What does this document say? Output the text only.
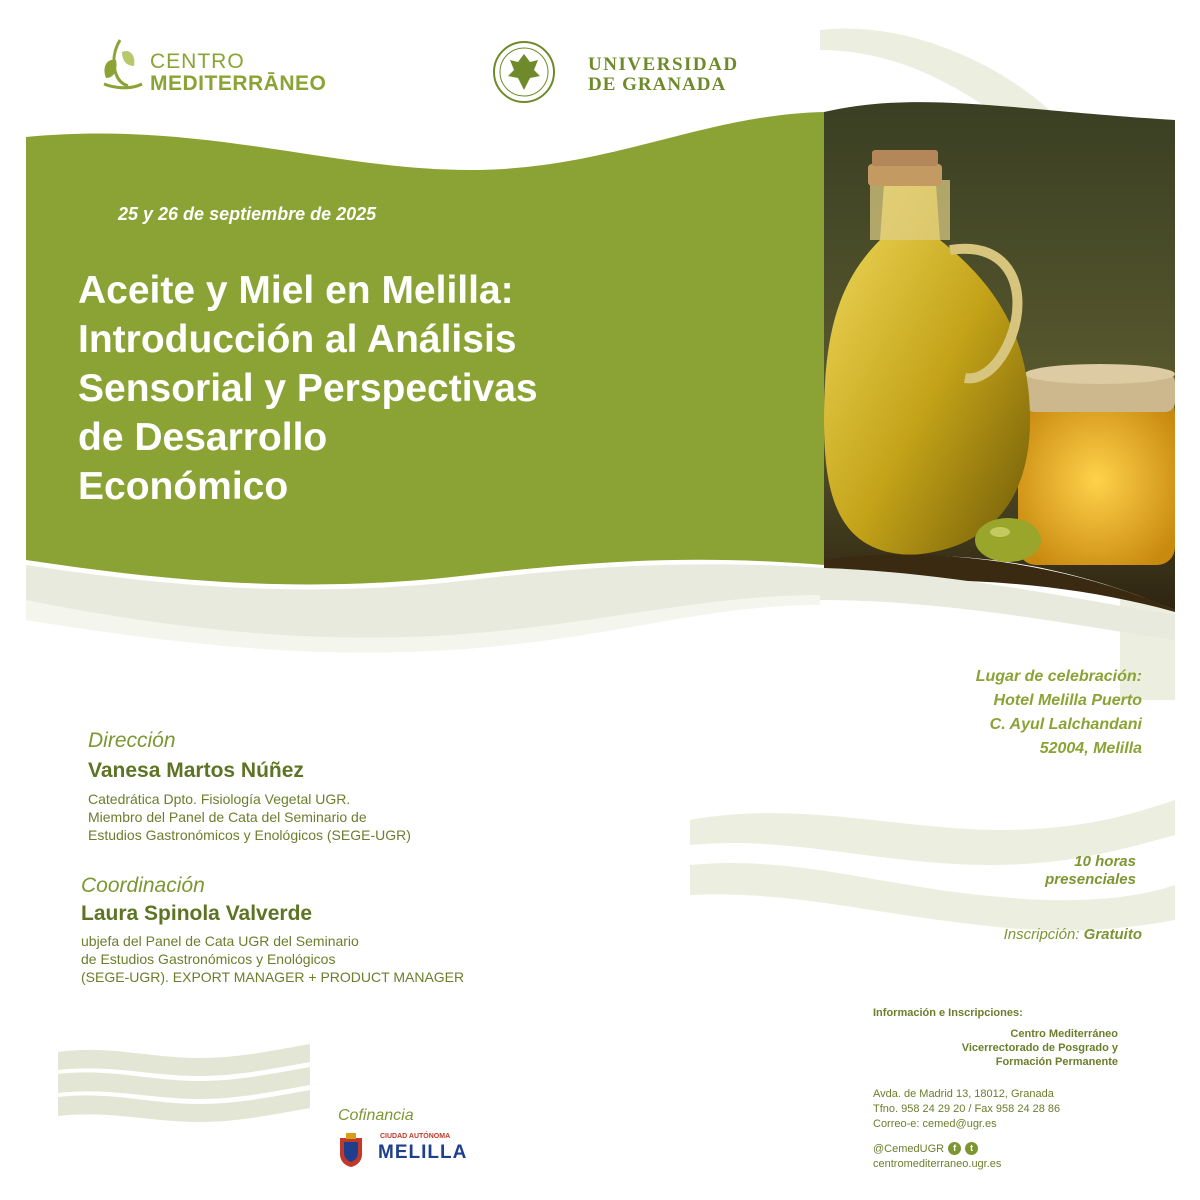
CENTRO
MEDITERRĀNEO
UNIVERSIDAD
DE GRANADA
25 y 26 de septiembre de 2025
Aceite y Miel en Melilla:
Introducción al Análisis
Sensorial y Perspectivas
de Desarrollo
Económico
Lugar de celebración:
Hotel Melilla Puerto
C. Ayul Lalchandani
52004, Melilla
Dirección
Vanesa Martos Núñez
Catedrática Dpto. Fisiología Vegetal UGR.
Miembro del Panel de Cata del Seminario de
Estudios Gastronómicos y Enológicos (SEGE-UGR)
Coordinación
Laura Spinola Valverde
ubjefa del Panel de Cata UGR del Seminario
de Estudios Gastronómicos y Enológicos
(SEGE-UGR). EXPORT MANAGER + PRODUCT MANAGER
10 horas
presenciales
Inscripción: Gratuito
Información e Inscripciones:
Centro Mediterráneo
Vicerrectorado de Posgrado y
Formación Permanente
Avda. de Madrid 13, 18012, Granada
Tfno. 958 24 29 20 / Fax 958 24 28 86
Correo-e: cemed@ugr.es
@CemedUGR	f	t
centromediterraneo.ugr.es
Cofinancia
CIUDAD AUTÓNOMA
MELILLA
